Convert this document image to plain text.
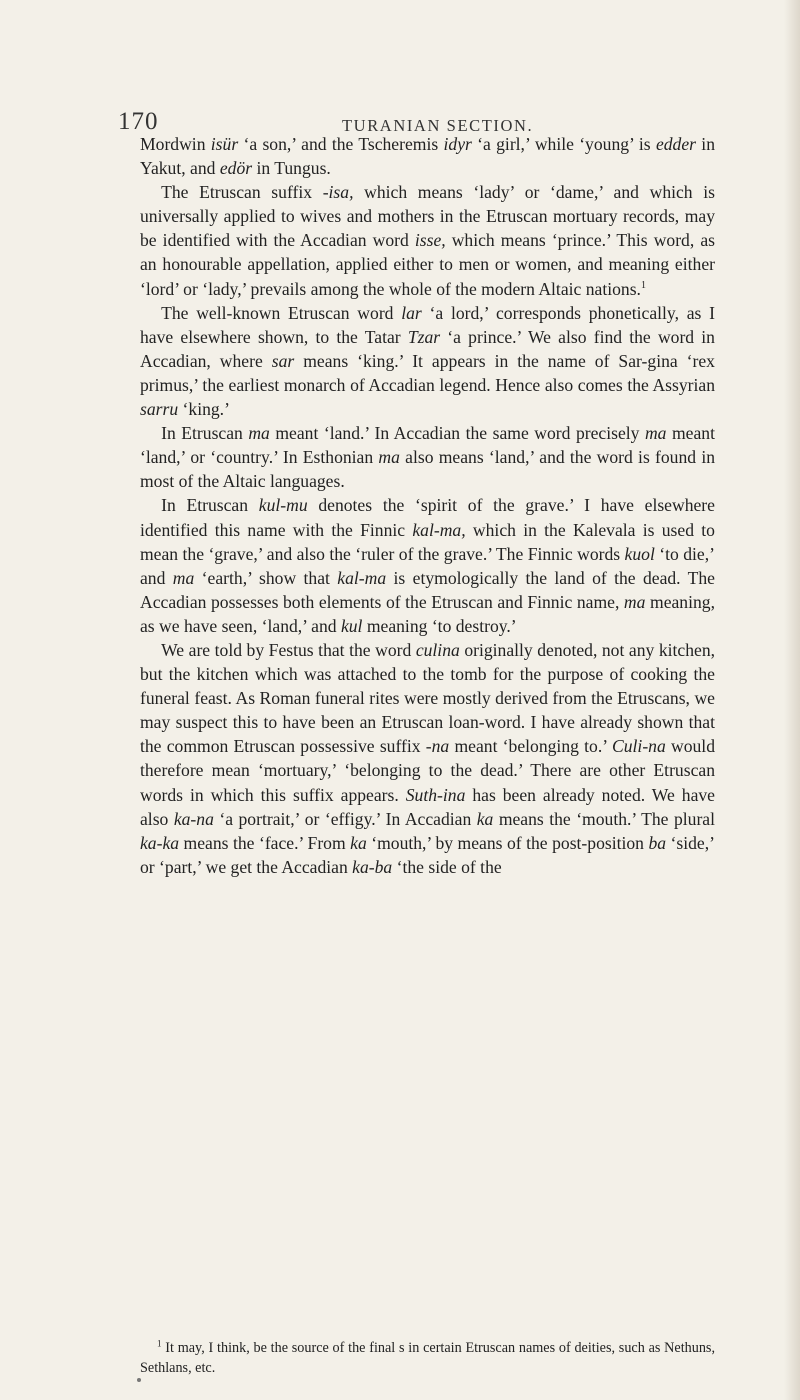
170	TURANIAN SECTION.

Mordwin isür ‘a son,’ and the Tscheremis idyr ‘a girl,’ while ‘young’ is edder in Yakut, and edör in Tungus.

The Etruscan suffix -isa, which means ‘lady’ or ‘dame,’ and which is universally applied to wives and mothers in the Etruscan mortuary records, may be identified with the Accadian word isse, which means ‘prince.’ This word, as an honourable appellation, applied either to men or women, and meaning either ‘lord’ or ‘lady,’ prevails among the whole of the modern Altaic nations.$^1$

The well-known Etruscan word lar ‘a lord,’ corresponds phonetically, as I have elsewhere shown, to the Tatar Tzar ‘a prince.’ We also find the word in Accadian, where sar means ‘king.’ It appears in the name of Sar-gina ‘rex primus,’ the earliest monarch of Accadian legend. Hence also comes the Assyrian sarru ‘king.’

In Etruscan ma meant ‘land.’ In Accadian the same word precisely ma meant ‘land,’ or ‘country.’ In Esthonian ma also means ‘land,’ and the word is found in most of the Altaic languages.

In Etruscan kul-mu denotes the ‘spirit of the grave.’ I have elsewhere identified this name with the Finnic kal-ma, which in the Kalevala is used to mean the ‘grave,’ and also the ‘ruler of the grave.’ The Finnic words kuol ‘to die,’ and ma ‘earth,’ show that kal-ma is etymologically the land of the dead. The Accadian possesses both elements of the Etruscan and Finnic name, ma meaning, as we have seen, ‘land,’ and kul meaning ‘to destroy.’

We are told by Festus that the word culina originally denoted, not any kitchen, but the kitchen which was attached to the tomb for the purpose of cooking the funeral feast. As Roman funeral rites were mostly derived from the Etruscans, we may suspect this to have been an Etruscan loan-word. I have already shown that the common Etruscan possessive suffix -na meant ‘belonging to.’ Culi-na would therefore mean ‘mortuary,’ ‘belonging to the dead.’ There are other Etruscan words in which this suffix appears. Suth-ina has been already noted. We have also ka-na ‘a portrait,’ or ‘effigy.’ In Accadian ka means the ‘mouth.’ The plural ka-ka means the ‘face.’ From ka ‘mouth,’ by means of the post-position ba ‘side,’ or ‘part,’ we get the Accadian ka-ba ‘the side of the

$^1$ It may, I think, be the source of the final s in certain Etruscan names of deities, such as Nethuns, Sethlans, etc.
